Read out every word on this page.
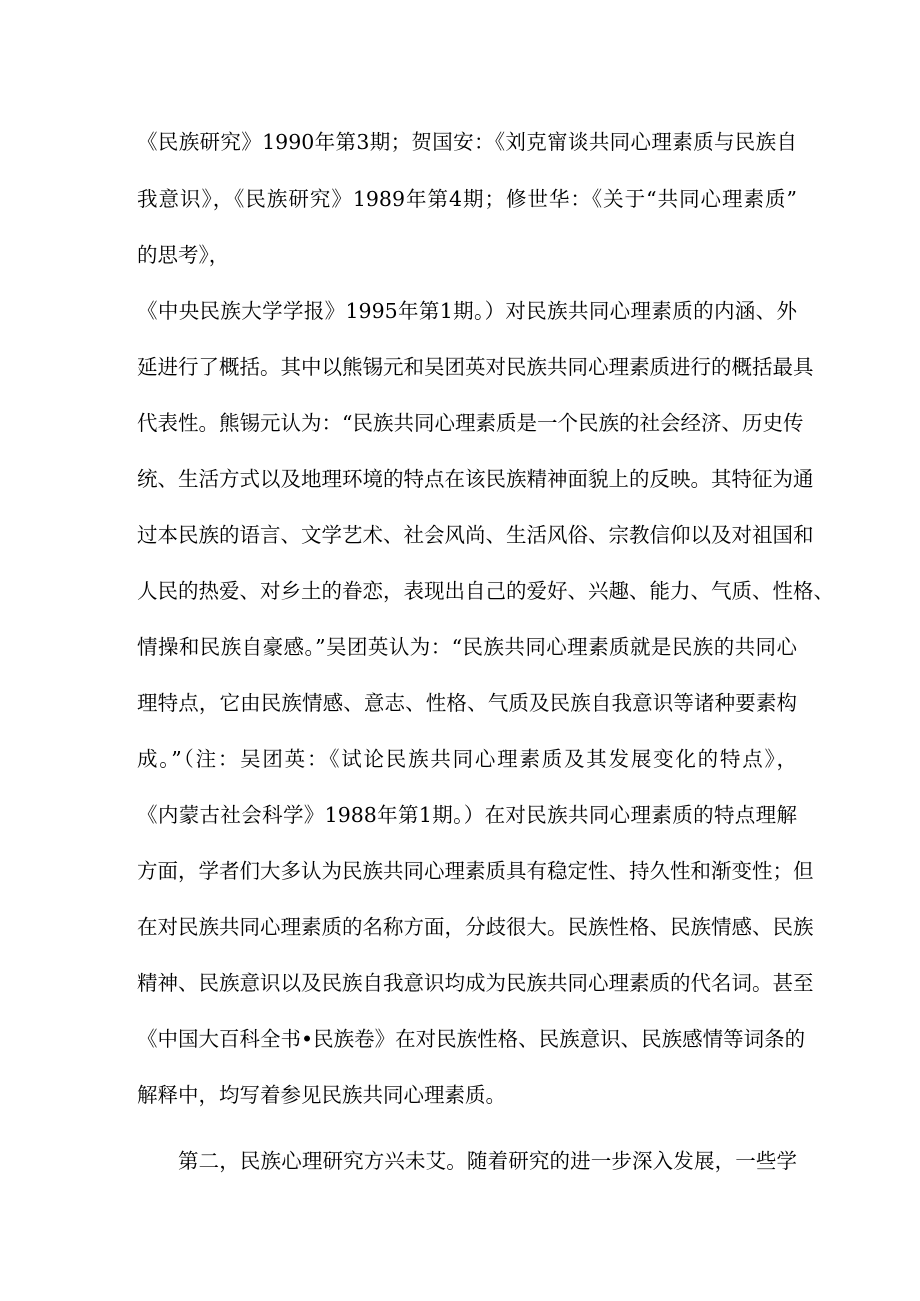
《民族研究》1990年第3期；贺国安：《刘克甯谈共同心理素质与民族自
我意识》，《民族研究》1989年第4期；修世华：《关于“共同心理素质”
的思考》，
《中央民族大学学报》1995年第1期。）对民族共同心理素质的内涵、外
延进行了概括。其中以熊锡元和吴团英对民族共同心理素质进行的概括最具
代表性。熊锡元认为：“民族共同心理素质是一个民族的社会经济、历史传
统、生活方式以及地理环境的特点在该民族精神面貌上的反映。其特征为通
过本民族的语言、文学艺术、社会风尚、生活风俗、宗教信仰以及对祖国和
人民的热爱、对乡土的眷恋，表现出自己的爱好、兴趣、能力、气质、性格、
情操和民族自豪感。”吴团英认为：“民族共同心理素质就是民族的共同心
理特点，它由民族情感、意志、性格、气质及民族自我意识等诸种要素构
成。”（注：吴团英：《试论民族共同心理素质及其发展变化的特点》，
《内蒙古社会科学》1988年第1期。）在对民族共同心理素质的特点理解
方面，学者们大多认为民族共同心理素质具有稳定性、持久性和渐变性；但
在对民族共同心理素质的名称方面，分歧很大。民族性格、民族情感、民族
精神、民族意识以及民族自我意识均成为民族共同心理素质的代名词。甚至
《中国大百科全书•民族卷》在对民族性格、民族意识、民族感情等词条的
解释中，均写着参见民族共同心理素质。
第二，民族心理研究方兴未艾。随着研究的进一步深入发展，一些学
